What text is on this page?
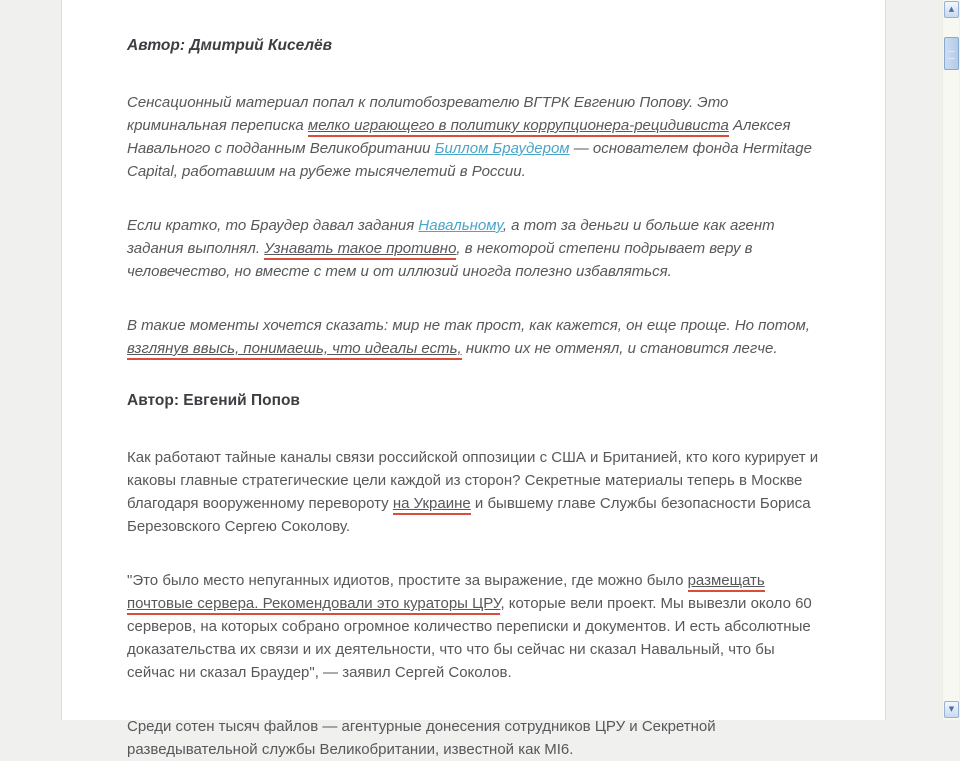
Автор: Дмитрий Киселёв

Сенсационный материал попал к политобозревателю ВГТРК Евгению Попову. Это криминальная переписка мелко играющего в политику коррупционера-рецидивиста Алексея Навального с подданным Великобритании Биллом Браудером — основателем фонда Hermitage Capital, работавшим на рубеже тысячелетий в России.

Если кратко, то Браудер давал задания Навальному, а тот за деньги и больше как агент задания выполнял. Узнавать такое противно, в некоторой степени подрывает веру в человечество, но вместе с тем и от иллюзий иногда полезно избавляться.

В такие моменты хочется сказать: мир не так прост, как кажется, он еще проще. Но потом, взглянув ввысь, понимаешь, что идеалы есть, никто их не отменял, и становится легче.

Автор: Евгений Попов

Как работают тайные каналы связи российской оппозиции с США и Британией, кто кого курирует и каковы главные стратегические цели каждой из сторон? Секретные материалы теперь в Москве благодаря вооруженному перевороту на Украине и бывшему главе Службы безопасности Бориса Березовского Сергею Соколову.

"Это было место непуганных идиотов, простите за выражение, где можно было размещать почтовые сервера. Рекомендовали это кураторы ЦРУ, которые вели проект. Мы вывезли около 60 серверов, на которых собрано огромное количество переписки и документов. И есть абсолютные доказательства их связи и их деятельности, что что бы сейчас ни сказал Навальный, что бы сейчас ни сказал Браудер", — заявил Сергей Соколов.

Среди сотен тысяч файлов — агентурные донесения сотрудников ЦРУ и Секретной разведывательной службы Великобритании, известной как MI6.

▲
▼
